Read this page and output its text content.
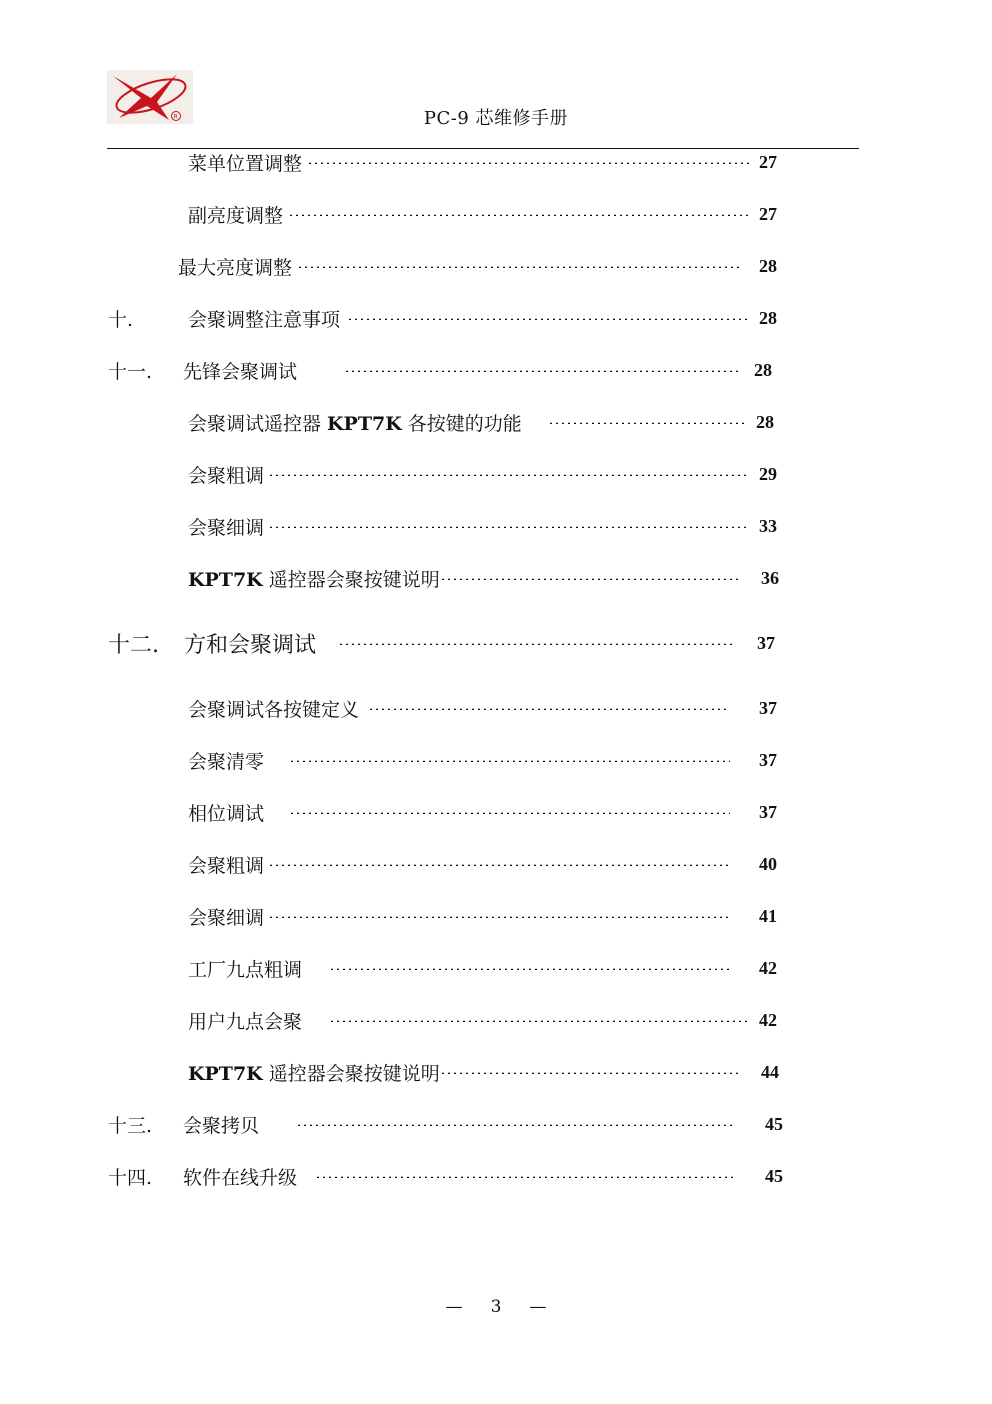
R	PC-9 芯维修手册
菜单位置调整	27
副亮度调整	27
最大亮度调整	28
十.	会聚调整注意事项	28
十一. 先锋会聚调试	28
会聚调试遥控器 KPT7K 各按键的功能	28
会聚粗调	29
会聚细调	33
KPT7K 遥控器会聚按键说明	36
十二. 方和会聚调试	37
会聚调试各按键定义	37
会聚清零	37
相位调试	37
会聚粗调	40
会聚细调	41
工厂九点粗调	42
用户九点会聚	42
KPT7K 遥控器会聚按键说明	44
十三. 会聚拷贝	45
十四. 软件在线升级	45
— 3 —
